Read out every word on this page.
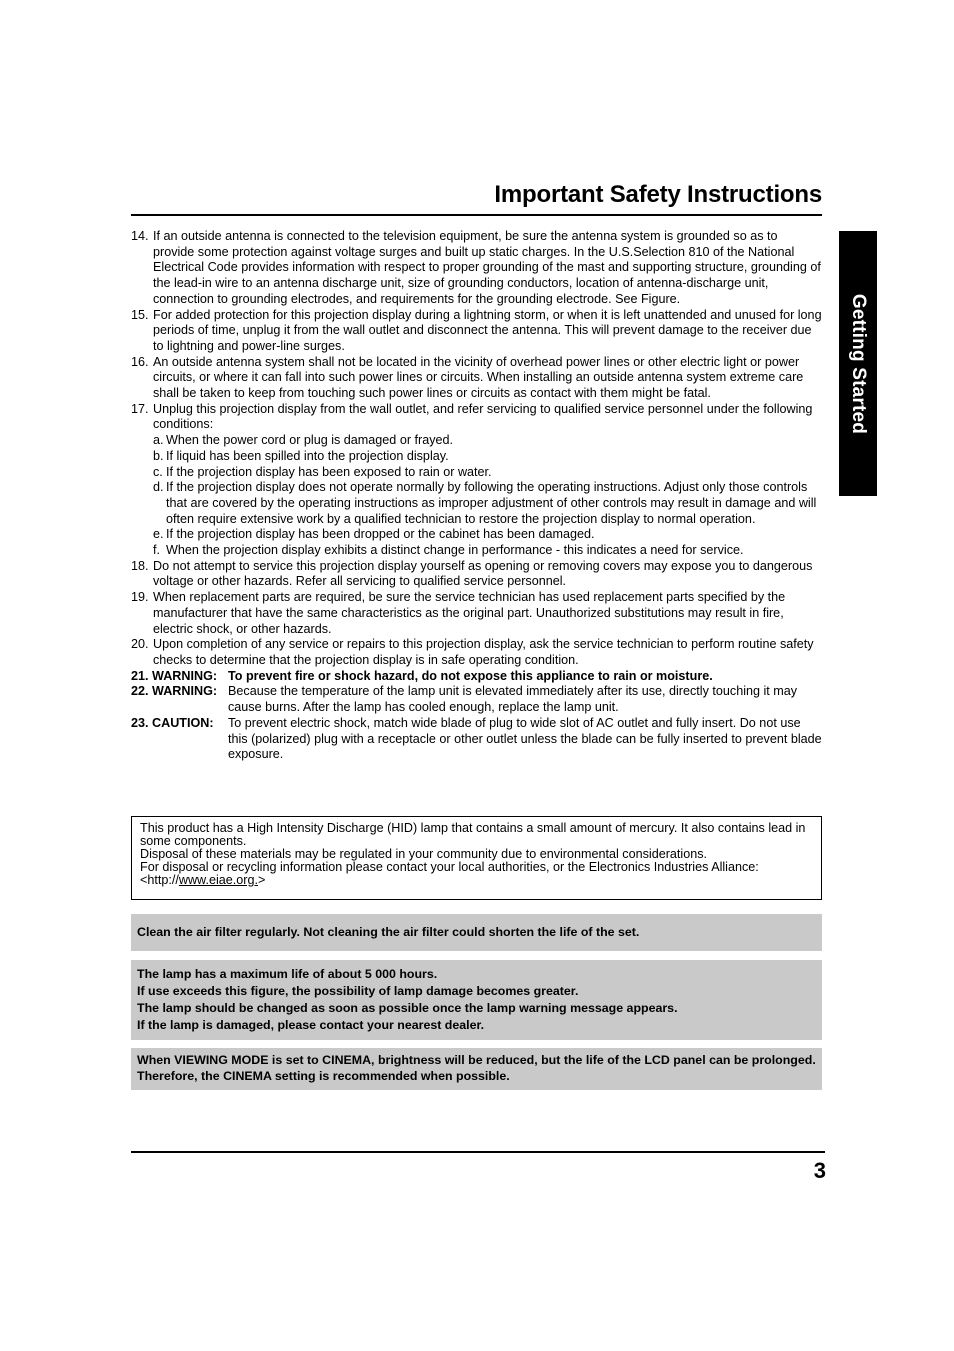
Important Safety Instructions
Getting Started
14. If an outside antenna is connected to the television equipment, be sure the antenna system is grounded so as to provide some protection against voltage surges and built up static charges. In the U.S.Selection 810 of the National Electrical Code provides information with respect to proper grounding of the mast and supporting structure, grounding of the lead-in wire to an antenna discharge unit, size of grounding conductors, location of antenna-discharge unit, connection to grounding electrodes, and requirements for the grounding electrode. See Figure.
15. For added protection for this projection display during a lightning storm, or when it is left unattended and unused for long periods of time, unplug it from the wall outlet and disconnect the antenna. This will prevent damage to the receiver due to lightning and power-line surges.
16. An outside antenna system shall not be located in the vicinity of overhead power lines or other electric light or power circuits, or where it can fall into such power lines or circuits. When installing an outside antenna system extreme care shall be taken to keep from touching such power lines or circuits as contact with them might be fatal.
17. Unplug this projection display from the wall outlet, and refer servicing to qualified service personnel under the following conditions:
a. When the power cord or plug is damaged or frayed.
b. If liquid has been spilled into the projection display.
c. If the projection display has been exposed to rain or water.
d. If the projection display does not operate normally by following the operating instructions. Adjust only those controls that are covered by the operating instructions as improper adjustment of other controls may result in damage and will often require extensive work by a qualified technician to restore the projection display to normal operation.
e. If the projection display has been dropped or the cabinet has been damaged.
f. When the projection display exhibits a distinct change in performance - this indicates a need for service.
18. Do not attempt to service this projection display yourself as opening or removing covers may expose you to dangerous voltage or other hazards. Refer all servicing to qualified service personnel.
19. When replacement parts are required, be sure the service technician has used replacement parts specified by the manufacturer that have the same characteristics as the original part. Unauthorized substitutions may result in fire, electric shock, or other hazards.
20. Upon completion of any service or repairs to this projection display, ask the service technician to perform routine safety checks to determine that the projection display is in safe operating condition.
21. WARNING: To prevent fire or shock hazard, do not expose this appliance to rain or moisture.
22. WARNING: Because the temperature of the lamp unit is elevated immediately after its use, directly touching it may cause burns. After the lamp has cooled enough, replace the lamp unit.
23. CAUTION:	To prevent electric shock, match wide blade of plug to wide slot of AC outlet and fully insert. Do not use this (polarized) plug with a receptacle or other outlet unless the blade can be fully inserted to prevent blade exposure.
This product has a High Intensity Discharge (HID) lamp that contains a small amount of mercury. It also contains lead in some components.
Disposal of these materials may be regulated in your community due to environmental considerations.
For disposal or recycling information please contact your local authorities, or the Electronics Industries Alliance:
<http://www.eiae.org.>
Clean the air filter regularly. Not cleaning the air filter could shorten the life of the set.
The lamp has a maximum life of about 5 000 hours.
If use exceeds this figure, the possibility of lamp damage becomes greater.
The lamp should be changed as soon as possible once the lamp warning message appears.
If the lamp is damaged, please contact your nearest dealer.
When VIEWING MODE is set to CINEMA, brightness will be reduced, but the life of the LCD panel can be prolonged. Therefore, the CINEMA setting is recommended when possible.
3
